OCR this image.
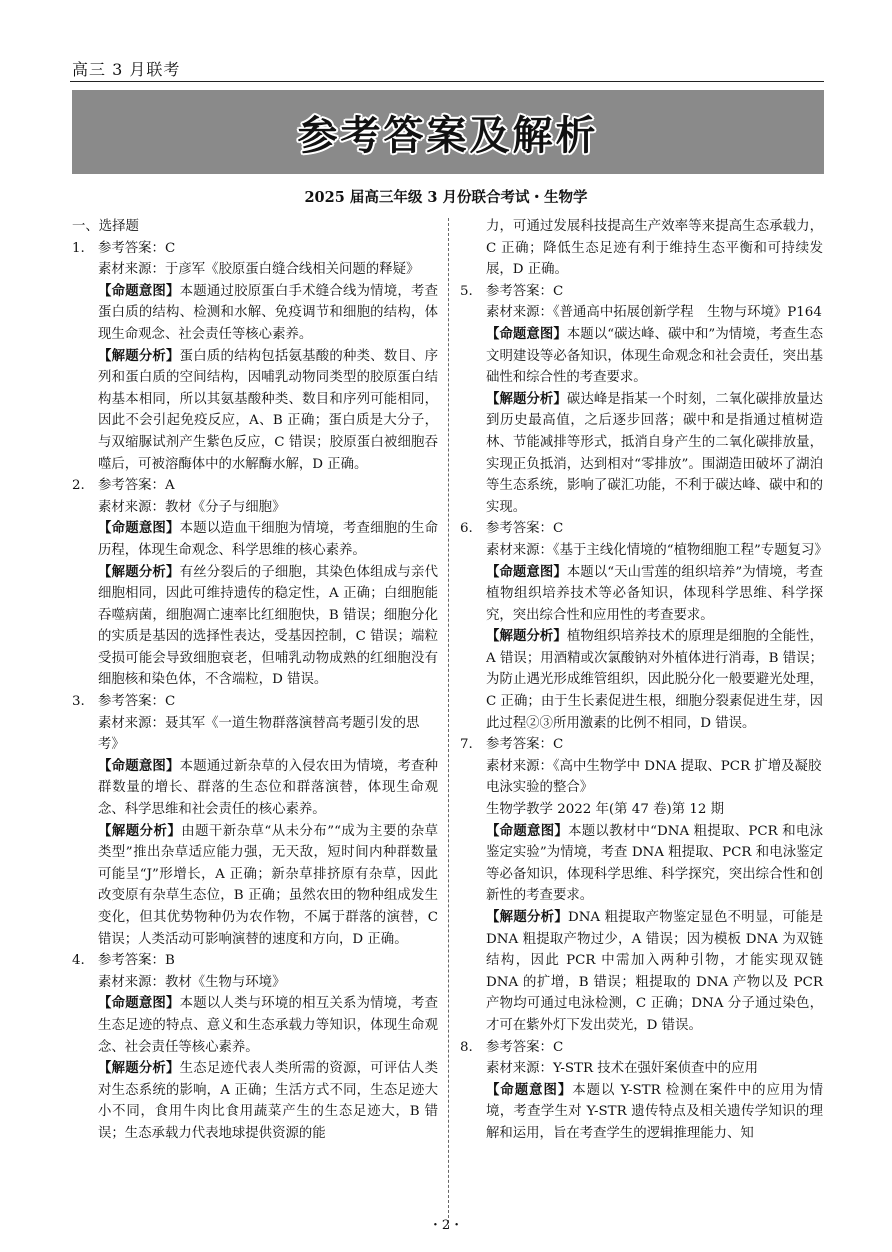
高三 3 月联考
参考答案及解析
2025 届高三年级 3 月份联合考试・生物学
一、选择题
1. 参考答案：C
素材来源：于彦军《胶原蛋白缝合线相关问题的释疑》
【命题意图】本题通过胶原蛋白手术缝合线为情境，考查蛋白质的结构、检测和水解、免疫调节和细胞的结构，体现生命观念、社会责任等核心素养。
【解题分析】蛋白质的结构包括氨基酸的种类、数目、序列和蛋白质的空间结构，因哺乳动物同类型的胶原蛋白结构基本相同，所以其氨基酸种类、数目和序列可能相同，因此不会引起免疫反应，A、B 正确；蛋白质是大分子，与双缩脲试剂产生紫色反应，C 错误；胶原蛋白被细胞吞噬后，可被溶酶体中的水解酶水解，D 正确。
2. 参考答案：A
素材来源：教材《分子与细胞》
【命题意图】本题以造血干细胞为情境，考查细胞的生命历程，体现生命观念、科学思维的核心素养。
【解题分析】有丝分裂后的子细胞，其染色体组成与亲代细胞相同，因此可维持遗传的稳定性，A 正确；白细胞能吞噬病菌，细胞凋亡速率比红细胞快，B 错误；细胞分化的实质是基因的选择性表达，受基因控制，C 错误；端粒受损可能会导致细胞衰老，但哺乳动物成熟的红细胞没有细胞核和染色体，不含端粒，D 错误。
3. 参考答案：C
素材来源：聂其军《一道生物群落演替高考题引发的思考》
【命题意图】本题通过新杂草的入侵农田为情境，考查种群数量的增长、群落的生态位和群落演替，体现生命观念、科学思维和社会责任的核心素养。
【解题分析】由题干新杂草“从未分布”“成为主要的杂草类型”推出杂草适应能力强，无天敌，短时间内种群数量可能呈“J”形增长，A 正确；新杂草排挤原有杂草，因此改变原有杂草生态位，B 正确；虽然农田的物种组成发生变化，但其优势物种仍为农作物，不属于群落的演替，C 错误；人类活动可影响演替的速度和方向，D 正确。
4. 参考答案：B
素材来源：教材《生物与环境》
【命题意图】本题以人类与环境的相互关系为情境，考查生态足迹的特点、意义和生态承载力等知识，体现生命观念、社会责任等核心素养。
【解题分析】生态足迹代表人类所需的资源，可评估人类对生态系统的影响，A 正确；生活方式不同，生态足迹大小不同，食用牛肉比食用蔬菜产生的生态足迹大，B 错误；生态承载力代表地球提供资源的能
力，可通过发展科技提高生产效率等来提高生态承载力，C 正确；降低生态足迹有利于维持生态平衡和可持续发展，D 正确。
5. 参考答案：C
素材来源：《普通高中拓展创新学程　生物与环境》P164
【命题意图】本题以“碳达峰、碳中和”为情境，考查生态文明建设等必备知识，体现生命观念和社会责任，突出基础性和综合性的考查要求。
【解题分析】碳达峰是指某一个时刻，二氧化碳排放量达到历史最高值，之后逐步回落；碳中和是指通过植树造林、节能减排等形式，抵消自身产生的二氧化碳排放量，实现正负抵消，达到相对“零排放”。围湖造田破坏了湖泊等生态系统，影响了碳汇功能，不利于碳达峰、碳中和的实现。
6. 参考答案：C
素材来源：《基于主线化情境的“植物细胞工程”专题复习》
【命题意图】本题以“天山雪莲的组织培养”为情境，考查植物组织培养技术等必备知识，体现科学思维、科学探究，突出综合性和应用性的考查要求。
【解题分析】植物组织培养技术的原理是细胞的全能性，A 错误；用酒精或次氯酸钠对外植体进行消毒，B 错误；为防止遇光形成维管组织，因此脱分化一般要避光处理，C 正确；由于生长素促进生根，细胞分裂素促进生芽，因此过程②③所用激素的比例不相同，D 错误。
7. 参考答案：C
素材来源：《高中生物学中 DNA 提取、PCR 扩增及凝胶电泳实验的整合》
生物学教学 2022 年(第 47 卷)第 12 期
【命题意图】本题以教材中“DNA 粗提取、PCR 和电泳鉴定实验”为情境，考查 DNA 粗提取、PCR 和电泳鉴定等必备知识，体现科学思维、科学探究，突出综合性和创新性的考查要求。
【解题分析】DNA 粗提取产物鉴定显色不明显，可能是 DNA 粗提取产物过少，A 错误；因为模板 DNA 为双链结构，因此 PCR 中需加入两种引物，才能实现双链 DNA 的扩增，B 错误；粗提取的 DNA 产物以及 PCR 产物均可通过电泳检测，C 正确；DNA 分子通过染色，才可在紫外灯下发出荧光，D 错误。
8. 参考答案：C
素材来源：Y-STR 技术在强奸案侦查中的应用
【命题意图】本题以 Y-STR 检测在案件中的应用为情境，考查学生对 Y-STR 遗传特点及相关遗传学知识的理解和运用，旨在考查学生的逻辑推理能力、知
・2・
